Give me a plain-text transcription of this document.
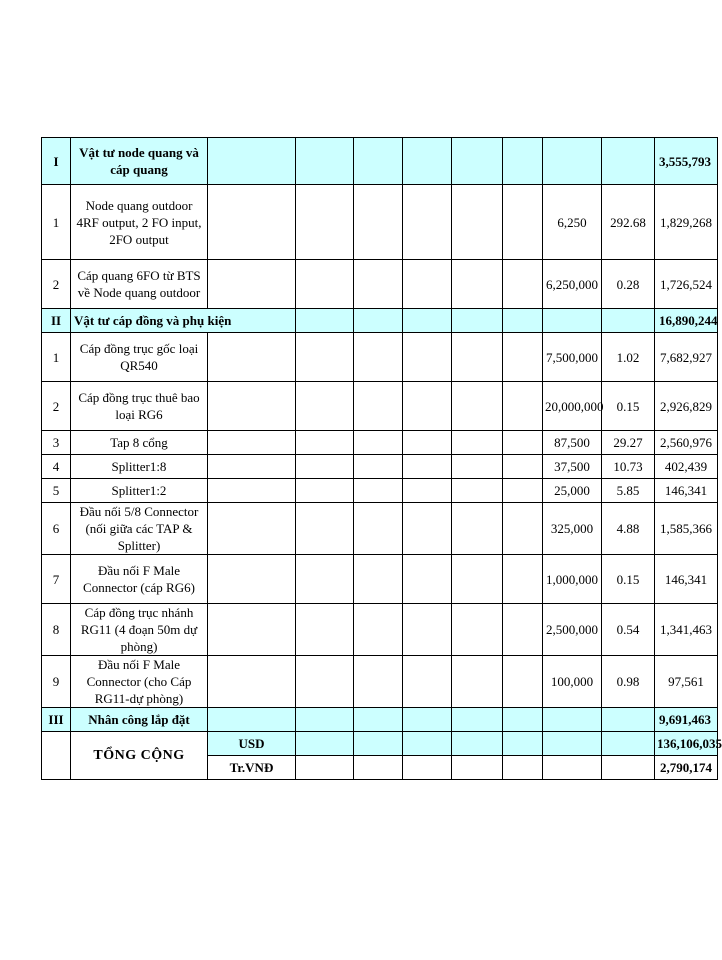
I	Vật tư node quang và cáp quang									3,555,793
1	Node quang outdoor 4RF output, 2 FO input, 2FO output							6,250	292.68	1,829,268
2	Cáp quang 6FO từ BTS về Node quang outdoor							6,250,000	0.28	1,726,524
II	Vật tư cáp đồng và phụ kiện									16,890,244
1	Cáp đồng trục gốc loại QR540							7,500,000	1.02	7,682,927
2	Cáp đồng trục thuê bao loại RG6							20,000,000	0.15	2,926,829
3	Tap 8 cổng							87,500	29.27	2,560,976
4	Splitter1:8							37,500	10.73	402,439
5	Splitter1:2							25,000	5.85	146,341
6	Đầu nối 5/8 Connector (nối giữa các TAP & Splitter)							325,000	4.88	1,585,366
7	Đầu nối F Male Connector (cáp RG6)							1,000,000	0.15	146,341
8	Cáp đồng trục nhánh RG11 (4 đoạn 50m dự phòng)							2,500,000	0.54	1,341,463
9	Đầu nối F Male Connector (cho Cáp RG11-dự phòng)							100,000	0.98	97,561
III	Nhân công lắp đặt									9,691,463
	TỔNG CỘNG	USD								136,106,035
		Tr.VNĐ								2,790,174
